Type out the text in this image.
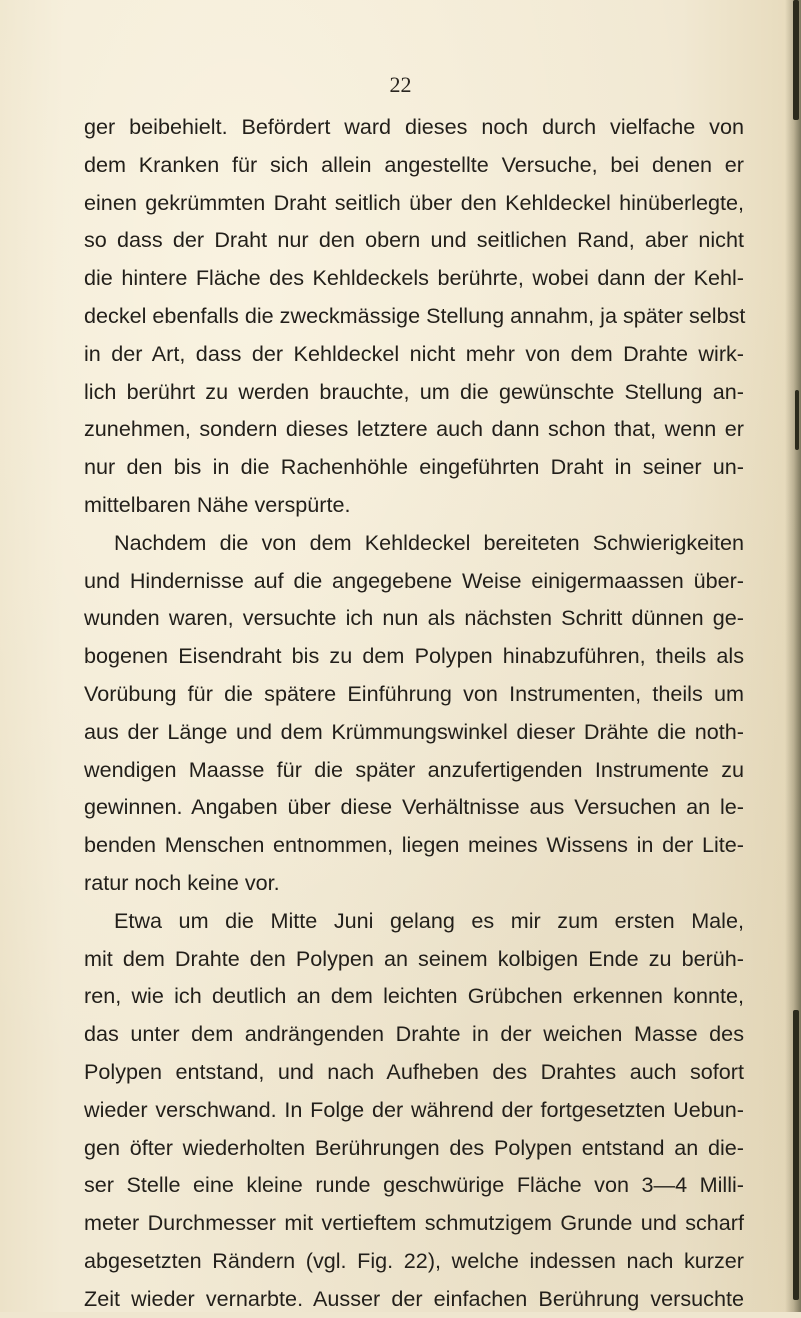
22
ger beibehielt. Befördert ward dieses noch durch vielfache von
dem Kranken für sich allein angestellte Versuche, bei denen er
einen gekrümmten Draht seitlich über den Kehldeckel hinüberlegte,
so dass der Draht nur den obern und seitlichen Rand, aber nicht
die hintere Fläche des Kehldeckels berührte, wobei dann der Kehl-
deckel ebenfalls die zweckmässige Stellung annahm, ja später selbst
in der Art, dass der Kehldeckel nicht mehr von dem Drahte wirk-
lich berührt zu werden brauchte, um die gewünschte Stellung an-
zunehmen, sondern dieses letztere auch dann schon that, wenn er
nur den bis in die Rachenhöhle eingeführten Draht in seiner un-
mittelbaren Nähe verspürte.
Nachdem die von dem Kehldeckel bereiteten Schwierigkeiten
und Hindernisse auf die angegebene Weise einigermaassen über-
wunden waren, versuchte ich nun als nächsten Schritt dünnen ge-
bogenen Eisendraht bis zu dem Polypen hinabzuführen, theils als
Vorübung für die spätere Einführung von Instrumenten, theils um
aus der Länge und dem Krümmungswinkel dieser Drähte die noth-
wendigen Maasse für die später anzufertigenden Instrumente zu
gewinnen. Angaben über diese Verhältnisse aus Versuchen an le-
benden Menschen entnommen, liegen meines Wissens in der Lite-
ratur noch keine vor.
Etwa um die Mitte Juni gelang es mir zum ersten Male,
mit dem Drahte den Polypen an seinem kolbigen Ende zu berüh-
ren, wie ich deutlich an dem leichten Grübchen erkennen konnte,
das unter dem andrängenden Drahte in der weichen Masse des
Polypen entstand, und nach Aufheben des Drahtes auch sofort
wieder verschwand. In Folge der während der fortgesetzten Uebun-
gen öfter wiederholten Berührungen des Polypen entstand an die-
ser Stelle eine kleine runde geschwürige Fläche von 3—4 Milli-
meter Durchmesser mit vertieftem schmutzigem Grunde und scharf
abgesetzten Rändern (vgl. Fig. 22), welche indessen nach kurzer
Zeit wieder vernarbte. Ausser der einfachen Berührung versuchte
